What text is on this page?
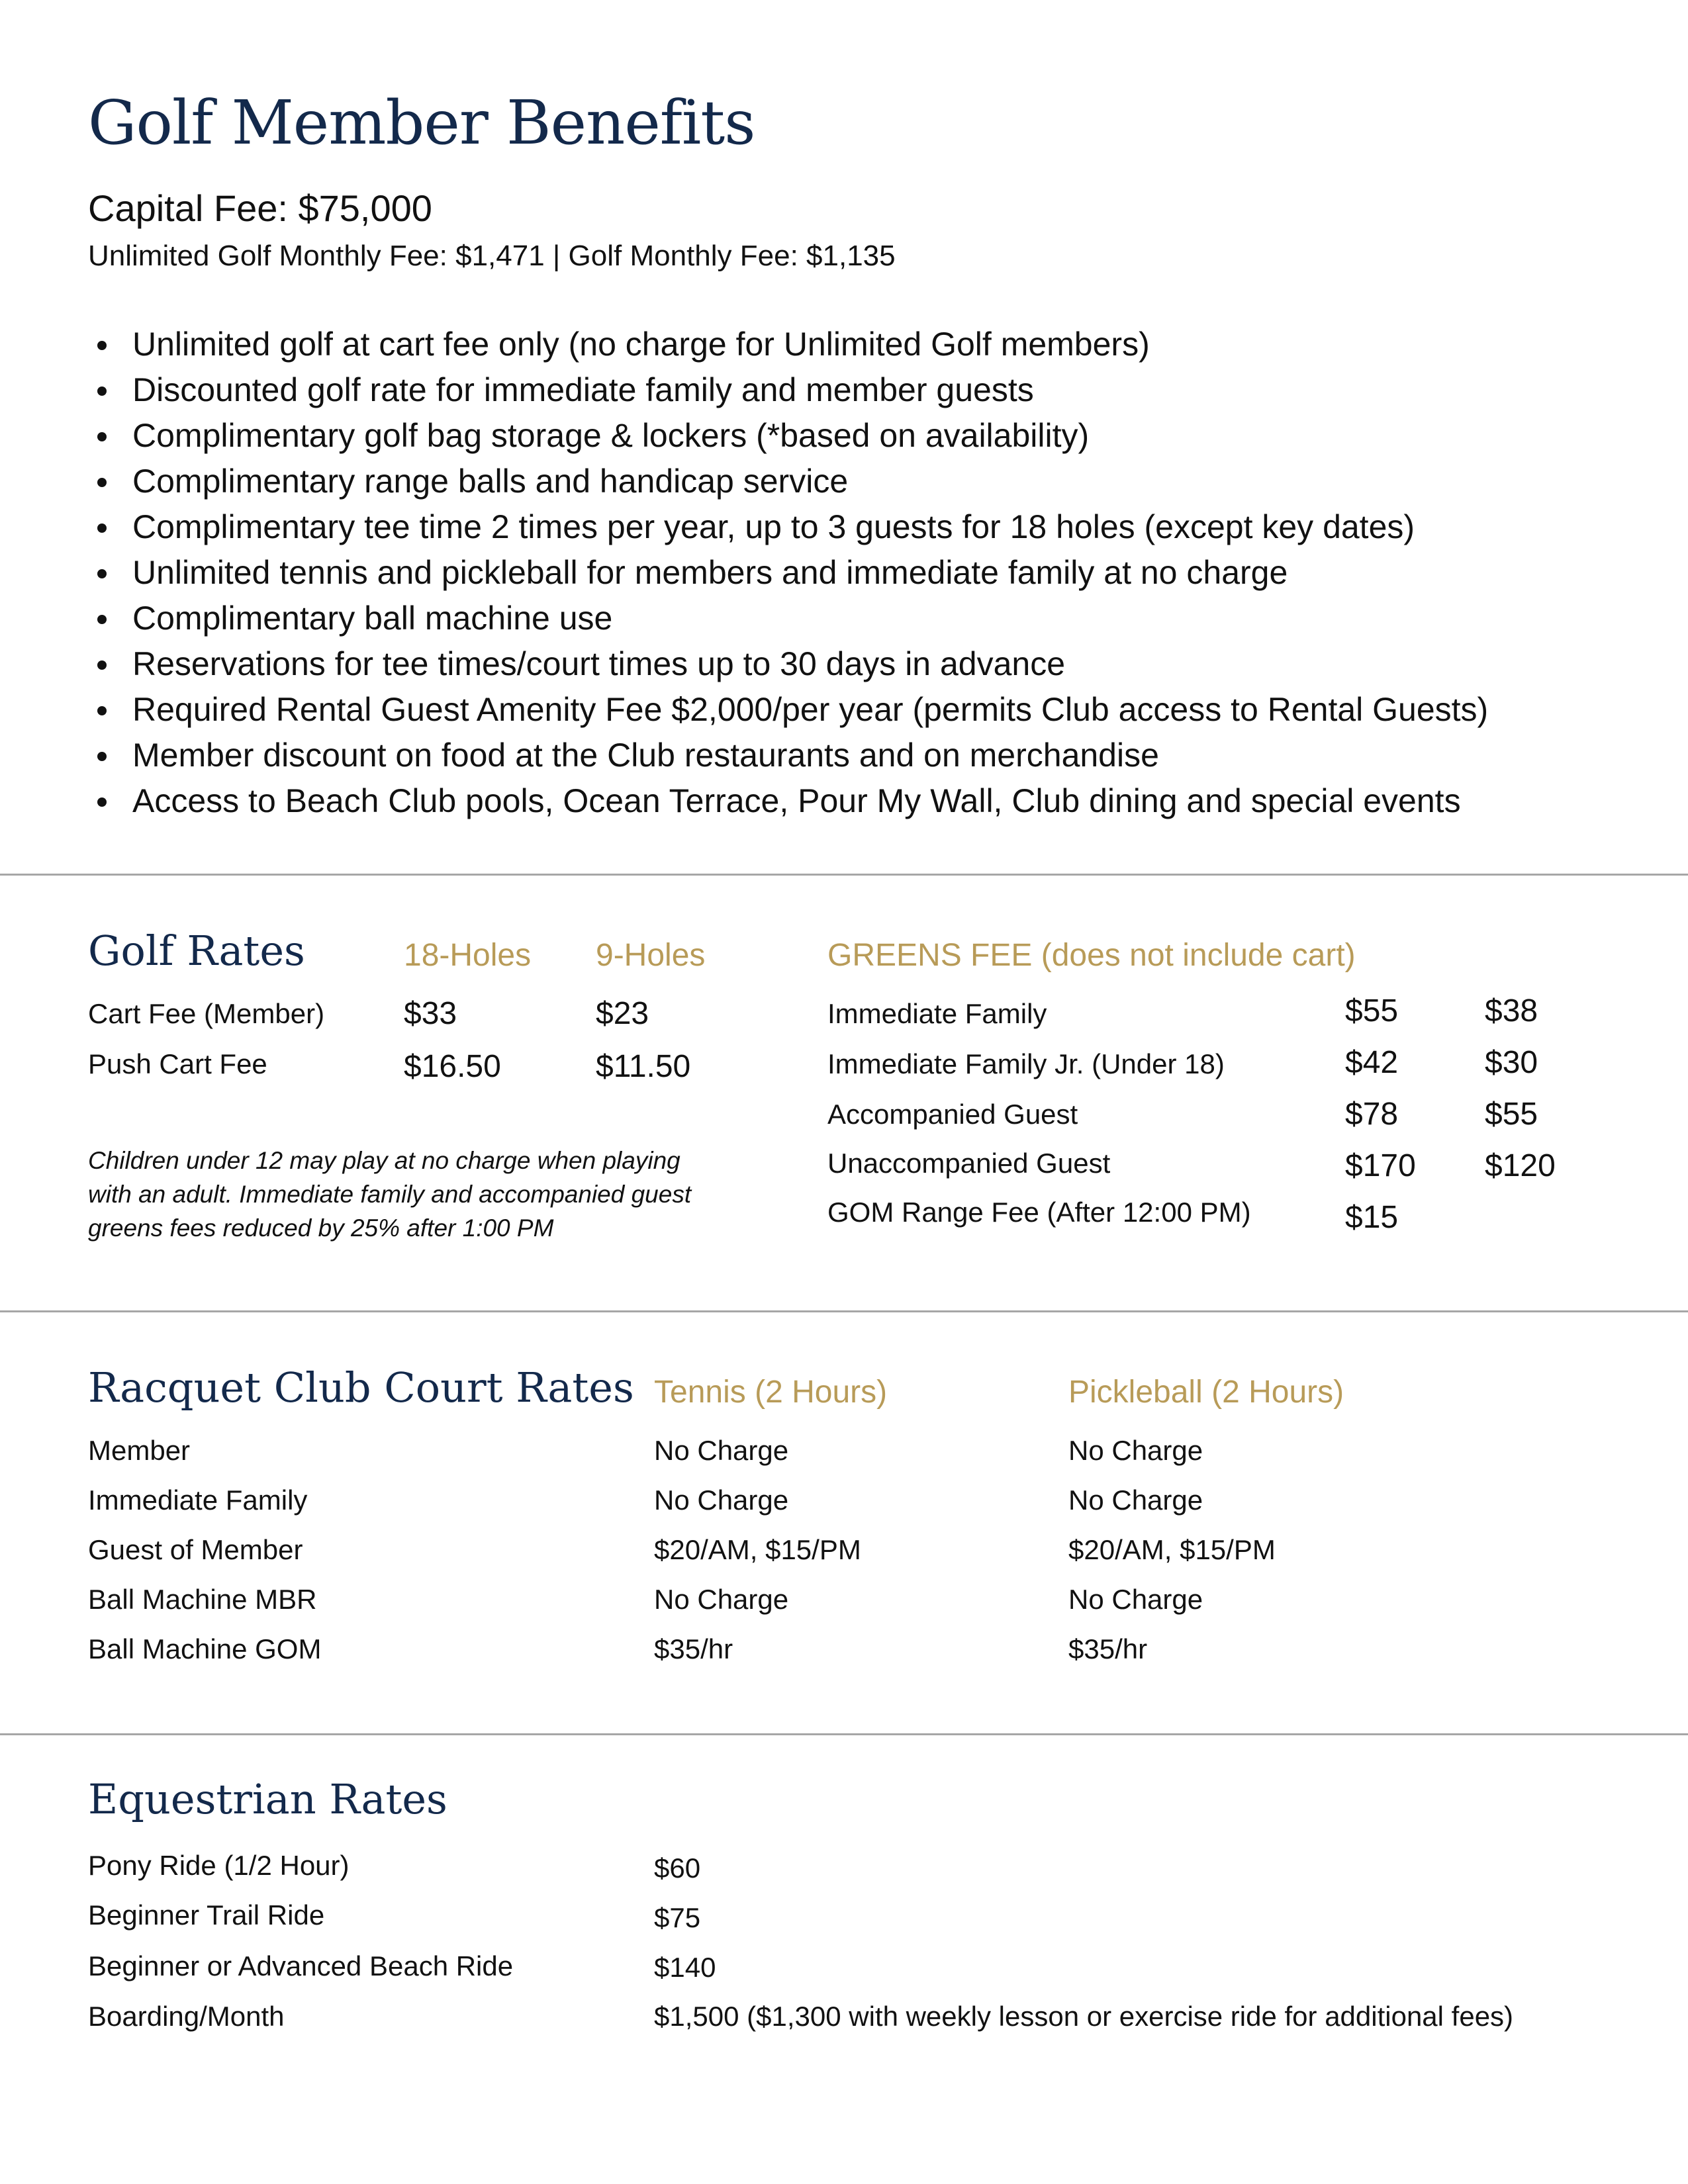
Golf Member Benefits
Capital Fee: $75,000
Unlimited Golf Monthly Fee: $1,471 | Golf Monthly Fee: $1,135
Unlimited golf at cart fee only (no charge for Unlimited Golf members)
Discounted golf rate for immediate family and member guests
Complimentary golf bag storage & lockers (*based on availability)
Complimentary range balls and handicap service
Complimentary tee time 2 times per year, up to 3 guests for 18 holes (except key dates)
Unlimited tennis and pickleball for members and immediate family at no charge
Complimentary ball machine use
Reservations for tee times/court times up to 30 days in advance
Required Rental Guest Amenity Fee $2,000/per year (permits Club access to Rental Guests)
Member discount on food at the Club restaurants and on merchandise
Access to Beach Club pools, Ocean Terrace, Pour My Wall, Club dining and special events
Golf Rates	18-Holes 9-Holes
Cart Fee (Member) $33	$23
Push Cart Fee	$16.50	$11.50
Children under 12 may play at no charge when playing with an adult. Immediate family and accompanied guest greens fees reduced by 25% after 1:00 PM
GREENS FEE (does not include cart)
Immediate Family	$55	$38
Immediate Family Jr. (Under 18)	$42	$30
Accompanied Guest	$78	$55
Unaccompanied Guest	$170 $120
GOM Range Fee (After 12:00 PM)	$15
Racquet Club Court Rates Tennis (2 Hours)	Pickleball (2 Hours)
Member	No Charge	No Charge
Immediate Family	No Charge	No Charge
Guest of Member	$20/AM, $15/PM	$20/AM, $15/PM
Ball Machine MBR	No Charge	No Charge
Ball Machine GOM	$35/hr	$35/hr
Equestrian Rates
Pony Ride (1/2 Hour)	$60
Beginner Trail Ride	$75
Beginner or Advanced Beach Ride	$140
Boarding/Month	$1,500 ($1,300 with weekly lesson or exercise ride for additional fees)
